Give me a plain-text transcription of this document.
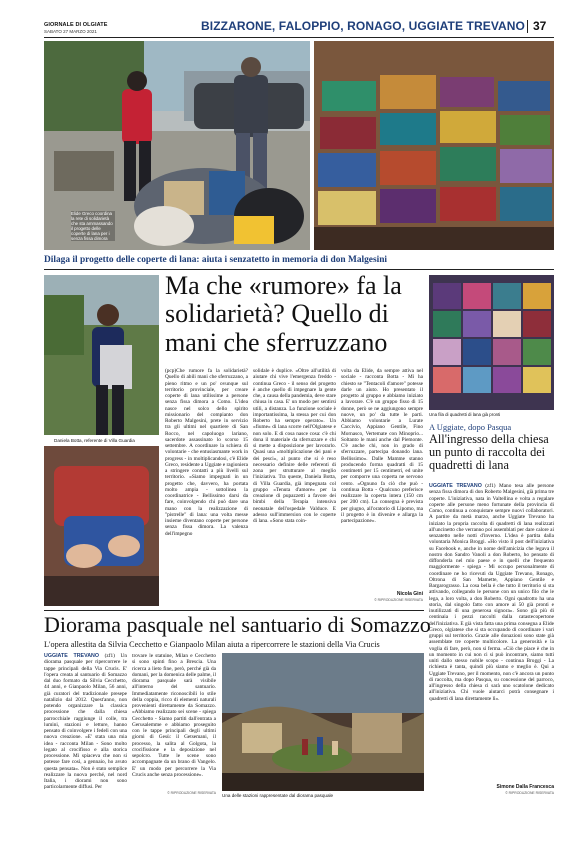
GIORNALE DI OLGIATE
SABATO 27 MARZO 2021	BIZZARONE, FALOPPIO, RONAGO, UGGIATE TREVANO 37
Elide Greco coordina la rete di solidarietà che sta ammassando il progetto delle coperte di lana per i senza fissa dimora
Dilaga il progetto delle coperte di lana: aiuta i senzatetto in memoria di don Malgesini
Daniela Botta, referente di Villa Guardia
Ma che «rumore» fa la solidarietà? Quello di mani che sferruzzano
(pcp)Che rumore fa la solidarietà? Quello di abili mani che sferruzzano, a pieno ritmo e un po' ovunque sul territorio provinciale, per creare coperte di lana utilissime a persone senza fissa dimora a Como. L'idea nasce nel solco dello spirito missionario del compianto don Roberto Malgesini, prete in servizio tra gli ultimi nel quartiere di San Rocco, nel capoluogo lariano, sacerdote assassinato lo scorso 15 settembre. A coordinare la schiera di volontarie - che entusiasmante work in progress - in moltiplicandosi, c'è Elide Greco, residente a Uggiate e ragioniera a stringere contatti a più livelli sul territorio. «Siamo impegnati in un progetto che, davvero, ha portata molto ampia - sottolinea la coordinatrice - Bellissimo darsi da fare, coinvolgendo chi può dare una mano con la realizzazione di "pistrelle" di lana: una volta messe insieme diventano coperte per persone senza fissa dimora. La valenza dell'impegno
solidale è duplice. «Oltre all'utilità di aiutare chi vive l'emergenza freddo - continua Greco - il senso del progetto è anche quello di impegnare la gente che, a causa della pandemia, deve stare chiusa in casa. E' un modo per sentirsi utili, a distanza. Lo funzione sociale è importantissima, la stessa per cui don Roberto ha sempre operato». Un «fiume» di lana scorre nell'Olgiatese e non solo. E di cosa nasce cosa: c'è chi dona il materiale da sferruzzare e chi si mette a disposizione per lavorarlo. Quasi una «moltiplicazione dei pani e dei pesci», al punto che si è reso necessario definire delle referenti di zona per strutturare al meglio l'iniziativa. Tra queste, Daniela Botta, di Villa Guardia, già impegnata col gruppo «Tenuta d'amore» per la creazione di pupazzetti a favore dei bimbi della Terapia intensiva neonatale dell'ospedale Valduce. E adesso sull'immersion con le coperte di lana. «Sono stata coin-
volta da Elide, da sempre attiva nel sociale - racconta Botta - Mi ha chiesto se "Tentacoli d'amore" potesse darle un aiuto. Ho presentato il progetto al gruppo e abbiamo iniziato a lavorare. C'è un gruppo fisso di 15 donne, però se ne aggiungono sempre nuove, un po' da tutte le parti. Abbiamo volontarie a Lurate Caccivio, Appiano Gentile, Fino Mornasco, Vertemate con Minoprio... Soltanto le mani anche dal Piemonte. C'è anche chi, non in grado di sferruzzare, partecipa donando lana. Bellissimo». Dalle Mamme stanno producendo forma quadratti di 15 centimetri per 15 centimetri, ed unite per comporre una coperta ne servono cento. «Ognuno fa ciò che può - continua Botta - Qualcuno preferisce realizzare la coperta intera (150 cm per 200 cm). La consegna è prevista per giugno, all'oratorio di Lipomo, ma il progetto è in divenire e allarga la partecipazione».
Nicola Gini
© RIPRODUZIONE RISERVATA
Una fila di quadretti di lana già pronti
A Uggiate, dopo Pasqua
All'ingresso della chiesa un punto di raccolta dei quadretti di lana
UGGIATE TREVANO (zf1) Mano tesa alle persone senza fissa dimora di don Roberto Malgesini, già prima tre coperte. L'iniziativa, nata in Valtellina e volta a regalare coperte alle persone meno fortunate della provincia di Como, continua a conquistare sempre nuovi collaboratori. A partire da metà marzo, anche Uggiate Trevano ha iniziato la propria raccolta di quadretti di lana realizzati all'uncinetto che verranno poi assemblati per dare calore ai senzatetto nelle notti d'inverno. L'idea è partita dalla volontaria Monica Broggi. «Ho visto il post dell'iniziativa su Facebook e, anche in nome dell'amicizia che legava il nostro don Sandro Vanoli a don Roberto, ho pensato di diffonderla nel mio paese e in quelli che frequento maggiormente - spiega - Mi occupo personalmente di coordinare ne ho ricevuti da Uggiate Trevano, Ronago, Oltrona di San Mamette, Appiano Gentile e Bargarograsso. La cosa bella è che tutto il territorio si sta attivando, collegando le persone con un unico filo che le lega, a loro volta, a don Roberto. Ogni quadrotto ha una storia, dal singolo fatto con amore ai 50 già pronti e inutilizzati di una generosa signora». Sono già più di centinaia i pezzi raccolti dalla catastecopertone dell'iniziativa. E già vista fatta una prima consegna a Elide Greco, olgiatese che si sta occupando di coordinare i vari gruppi sul territorio. Grazie alle donazioni sono state già assemblate tre coperte multicolore. La generosità e la voglia di fare, però, non si ferma. «Ciò che piace è che in un momento in cui non ci si può incontrare, siamo tutti uniti dallo stesso nobile scopo - continua Broggi - La richiesta è tanta, quindi più siamo e meglio è. Qui a Uggiate Trevano, per il momento, non c'è ancora un punto di raccolta, ma dopo Pasqua, su concessione del parroco, all'ingresso della chiesa ci sarà uno scatolone dedicato all'iniziativa. Chi vuole aiutarci potrà consegnare i quadretti di lana direttamente lì».
Simone Dalla Francesca
© RIPRODUZIONE RISERVATA
Diorama pasquale nel santuario di Somazzo
L'opera allestita da Silvia Cecchetto e Gianpaolo Milan aiuta a ripercorrere le stazioni della Via Crucis
UGGIATE TREVANO (zf1) Un diorama pasquale per ripercorrere le tappe principali della Via Crucis. E' l'opera creata al santuario di Somazzo dal duo formato da Silvia Cecchetto, 44 anni, e Gianpaolo Milan, 56 anni, già curatori del tradizionale presepe natalizio dal 2012. Quest'anno, non potendo organizzare la classica processione che dalla chiesa parrocchiale raggiunge il colle, tra lumini, stazioni e letture, hanno pensato di coinvolgere i fedeli con una nuova creazione. «E' stata una mia idea - racconta Milan - Sono molto legato al crocifisso e alla storica processione. Mi spiaceva che non si potesse fare così, a gennaio, ho avuto questa pensata». Non è stato semplice realizzare la nuova perché, nel nord Italia, i diorami non sono particolarmente diffusi. Per
trovare le statuine, Milan e Cecchetto si sono spinti fino a Brescia. Una ricerca a lieto fine, però, perché già da domani, per la domenica delle palme, il diorama pasquale sarà visibile all'interno del santuario. Immediatamente riconoscibili lo stile della coppia, ricco di elementi naturali provenienti direttamente da Somazzo. «Abbiamo realizzato sei scene - spiega Cecchetto - Siamo partiti dall'entrata a Gerusalemme e abbiamo proseguito con le tappe principali degli ultimi giorni di Gesù: il Getsemani, il processo, la salita al Golgota, la crocifissione e la deposizione nel sepolcro. Tutte le scene sono accompagnate da un brano di Vangelo. E' un modo per percorrere la Via Crucis anche senza processione».
© RIPRODUZIONE RISERVATA Una delle stazioni rappresentate dal diorama pasquale
